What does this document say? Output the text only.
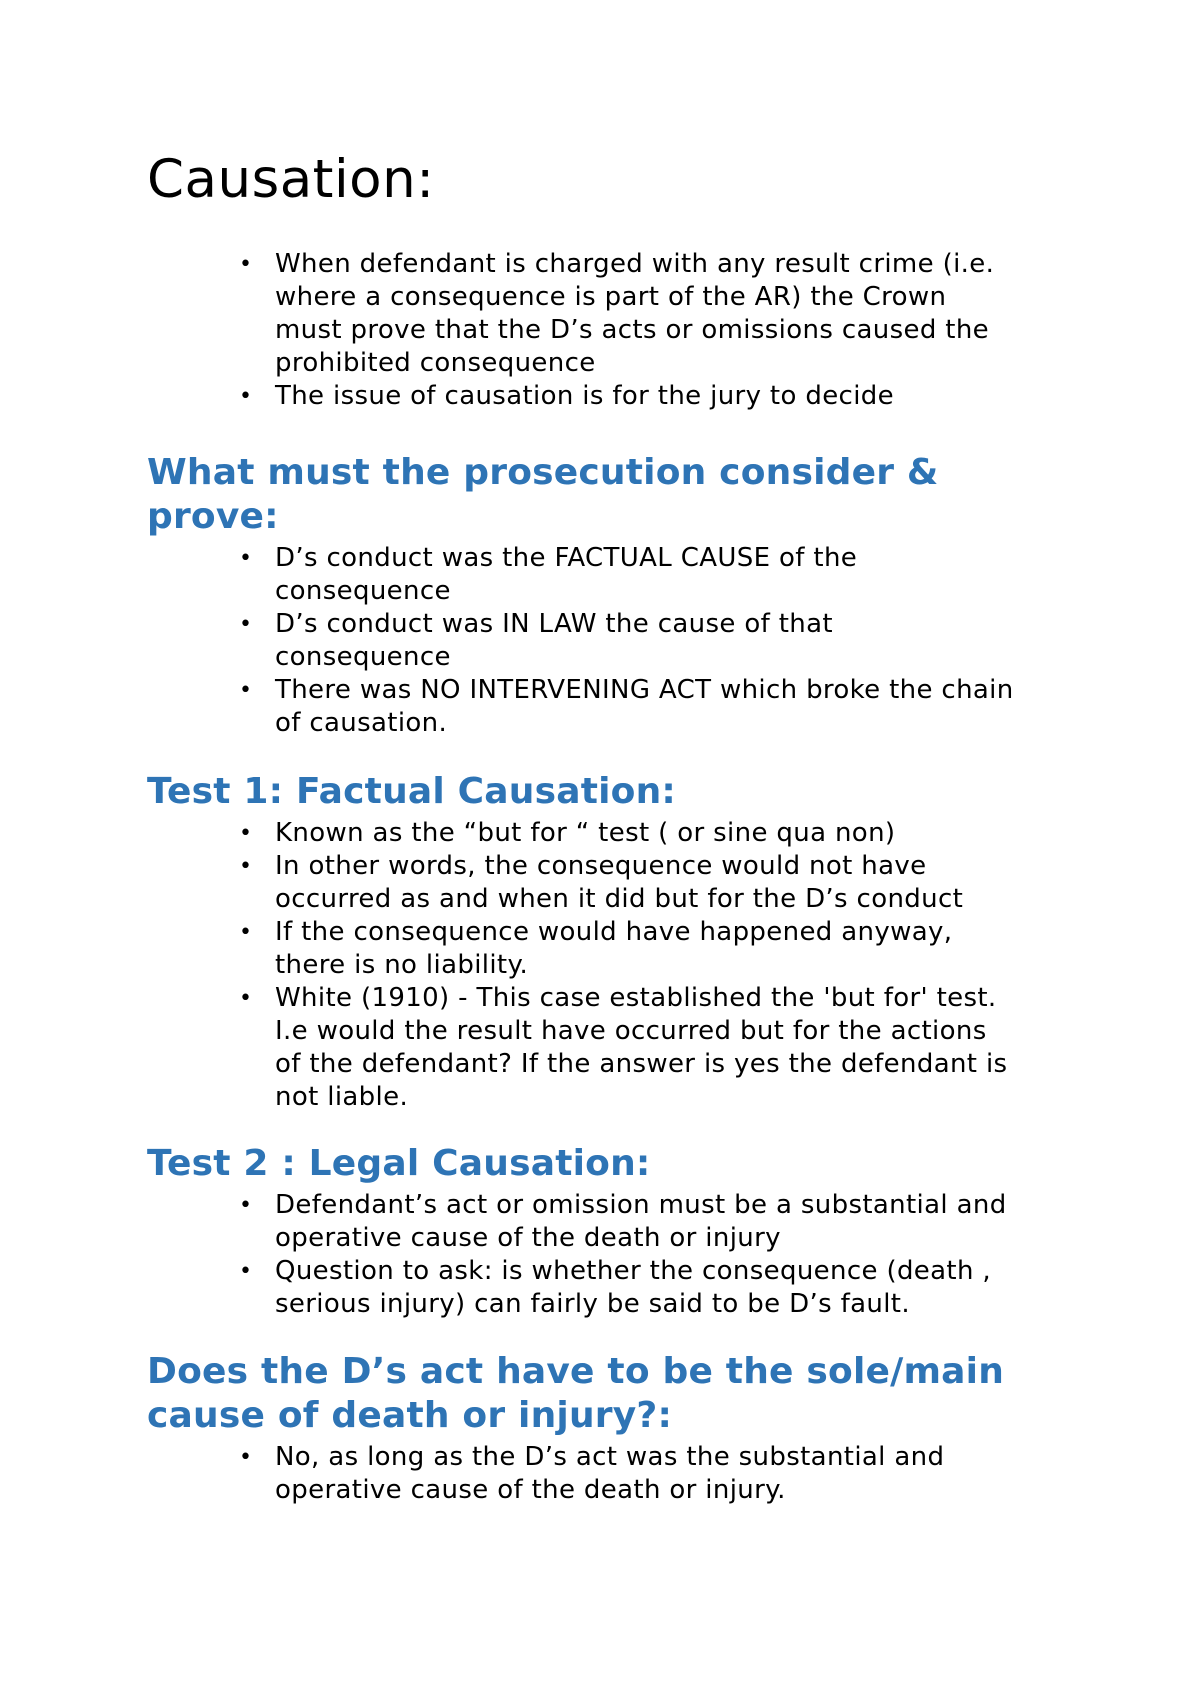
Causation:
• When defendant is charged with any result crime (i.e.
where a consequence is part of the AR) the Crown
must prove that the D’s acts or omissions caused the
prohibited consequence
• The issue of causation is for the jury to decide
What must the prosecution consider &
prove:
• D’s conduct was the FACTUAL CAUSE of the
consequence
• D’s conduct was IN LAW the cause of that
consequence
• There was NO INTERVENING ACT which broke the chain
of causation.
Test 1: Factual Causation:
• Known as the “but for “ test ( or sine qua non)
• In other words, the consequence would not have
occurred as and when it did but for the D’s conduct
• If the consequence would have happened anyway,
there is no liability.
• White (1910) - This case established the 'but for' test.
I.e would the result have occurred but for the actions
of the defendant? If the answer is yes the defendant is
not liable.
Test 2 : Legal Causation:
• Defendant’s act or omission must be a substantial and
operative cause of the death or injury
• Question to ask: is whether the consequence (death ,
serious injury) can fairly be said to be D’s fault.
Does the D’s act have to be the sole/main
cause of death or injury?:
• No, as long as the D’s act was the substantial and
operative cause of the death or injury.
